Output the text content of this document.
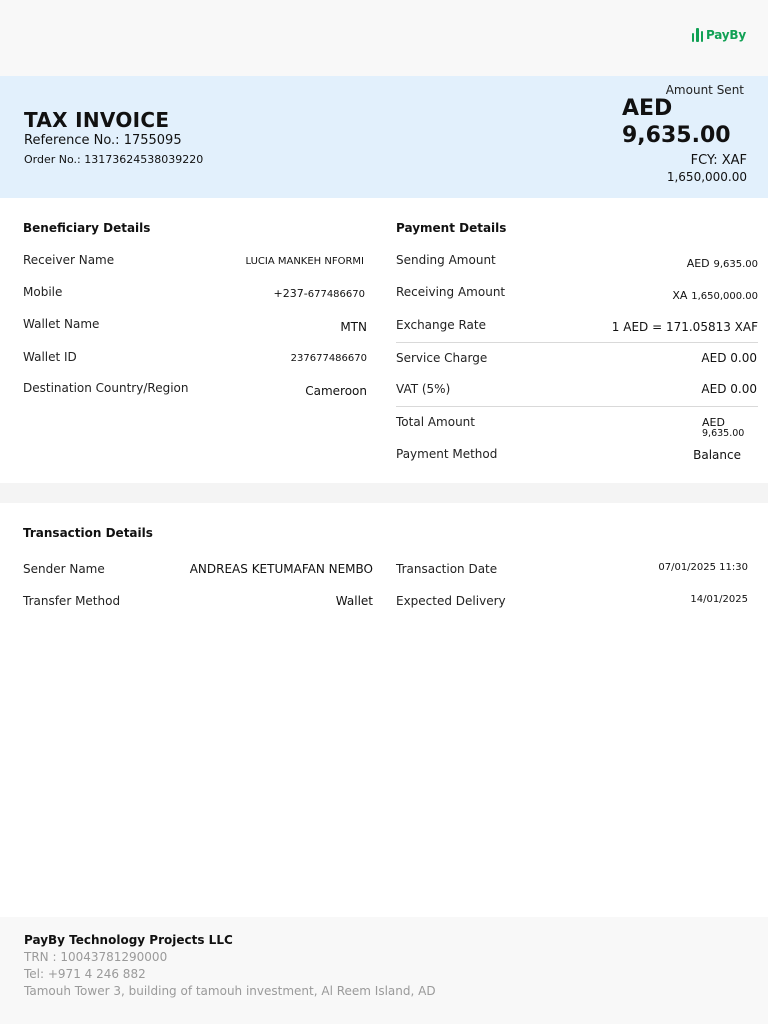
PayBy
TAX INVOICE
Reference No.: 1755095
Order No.: 13173624538039220
Amount Sent
AED
9,635.00
FCY: XAF
1,650,000.00
Beneficiary Details
Receiver Name	LUCIA MANKEH NFORMI
Mobile	+237-677486670
Wallet Name	MTN
Wallet ID	237677486670
Destination Country/Region	Cameroon
Payment Details
Sending Amount	AED 9,635.00
Receiving Amount	XA 1,650,000.00
Exchange Rate	1 AED = 171.05813 XAF
Service Charge	AED 0.00
VAT (5%)	AED 0.00
Total Amount	AED
9,635.00
Payment Method	Balance
Transaction Details
Sender Name	ANDREAS KETUMAFAN NEMBO
Transfer Method	Wallet
Transaction Date	07/01/2025 11:30
Expected Delivery	14/01/2025
PayBy Technology Projects LLC
TRN : 10043781290000
Tel: +971 4 246 882
Tamouh Tower 3, building of tamouh investment, Al Reem Island, AD
